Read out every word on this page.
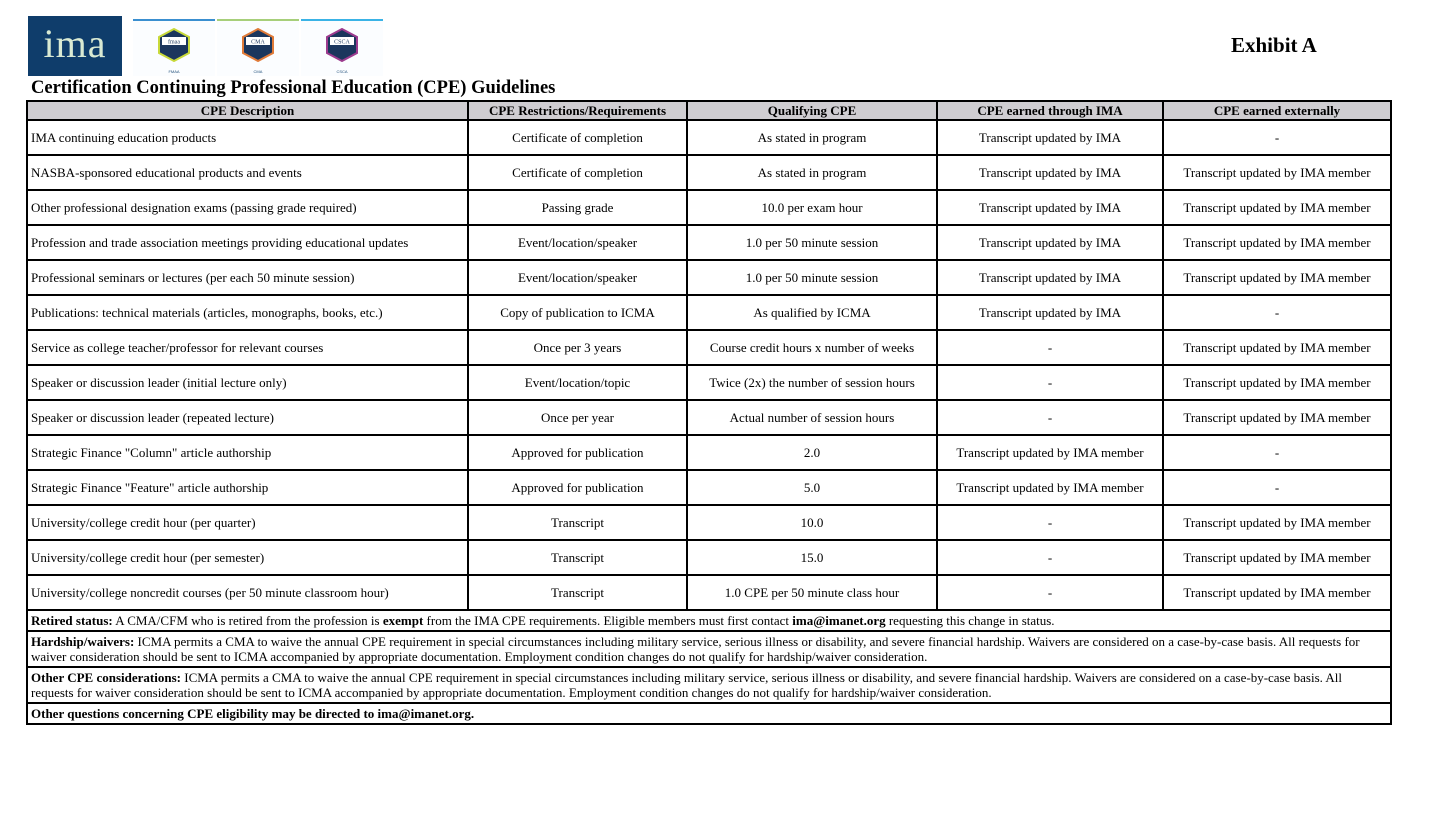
ima	fmaa
FMAA
CMA
CMA
CSCA
CSCA
Exhibit A
Certification Continuing Professional Education (CPE) Guidelines
CPE Description	CPE Restrictions/Requirements	Qualifying CPE	CPE earned through IMA	CPE earned externally
IMA continuing education products	Certificate of completion	As stated in program	Transcript updated by IMA	-
NASBA-sponsored educational products and events	Certificate of completion	As stated in program	Transcript updated by IMA	Transcript updated by IMA member
Other professional designation exams (passing grade required)	Passing grade	10.0 per exam hour	Transcript updated by IMA	Transcript updated by IMA member
Profession and trade association meetings providing educational updates	Event/location/speaker	1.0 per 50 minute session	Transcript updated by IMA	Transcript updated by IMA member
Professional seminars or lectures (per each 50 minute session)	Event/location/speaker	1.0 per 50 minute session	Transcript updated by IMA	Transcript updated by IMA member
Publications: technical materials (articles, monographs, books, etc.)	Copy of publication to ICMA	As qualified by ICMA	Transcript updated by IMA	-
Service as college teacher/professor for relevant courses	Once per 3 years	Course credit hours x number of weeks	-	Transcript updated by IMA member
Speaker or discussion leader (initial lecture only)	Event/location/topic	Twice (2x) the number of session hours	-	Transcript updated by IMA member
Speaker or discussion leader (repeated lecture)	Once per year	Actual number of session hours	-	Transcript updated by IMA member
Strategic Finance "Column" article authorship	Approved for publication	2.0	Transcript updated by IMA member	-
Strategic Finance "Feature" article authorship	Approved for publication	5.0	Transcript updated by IMA member	-
University/college credit hour (per quarter)	Transcript	10.0	-	Transcript updated by IMA member
University/college credit hour (per semester)	Transcript	15.0	-	Transcript updated by IMA member
University/college noncredit courses (per 50 minute classroom hour)	Transcript	1.0 CPE per 50 minute class hour	-	Transcript updated by IMA member
Retired status: A CMA/CFM who is retired from the profession is exempt from the IMA CPE requirements. Eligible members must first contact ima@imanet.org requesting this change in status.				
Hardship/waivers: ICMA permits a CMA to waive the annual CPE requirement in special circumstances including military service, serious illness or disability, and severe financial hardship. Waivers are considered on a case-by-case basis. All requests for waiver consideration should be sent to ICMA accompanied by appropriate documentation. Employment condition changes do not qualify for hardship/waiver consideration.				
Other CPE considerations: ICMA permits a CMA to waive the annual CPE requirement in special circumstances including military service, serious illness or disability, and severe financial hardship. Waivers are considered on a case-by-case basis. All requests for waiver consideration should be sent to ICMA accompanied by appropriate documentation. Employment condition changes do not qualify for hardship/waiver consideration.				
Other questions concerning CPE eligibility may be directed to ima@imanet.org.				
